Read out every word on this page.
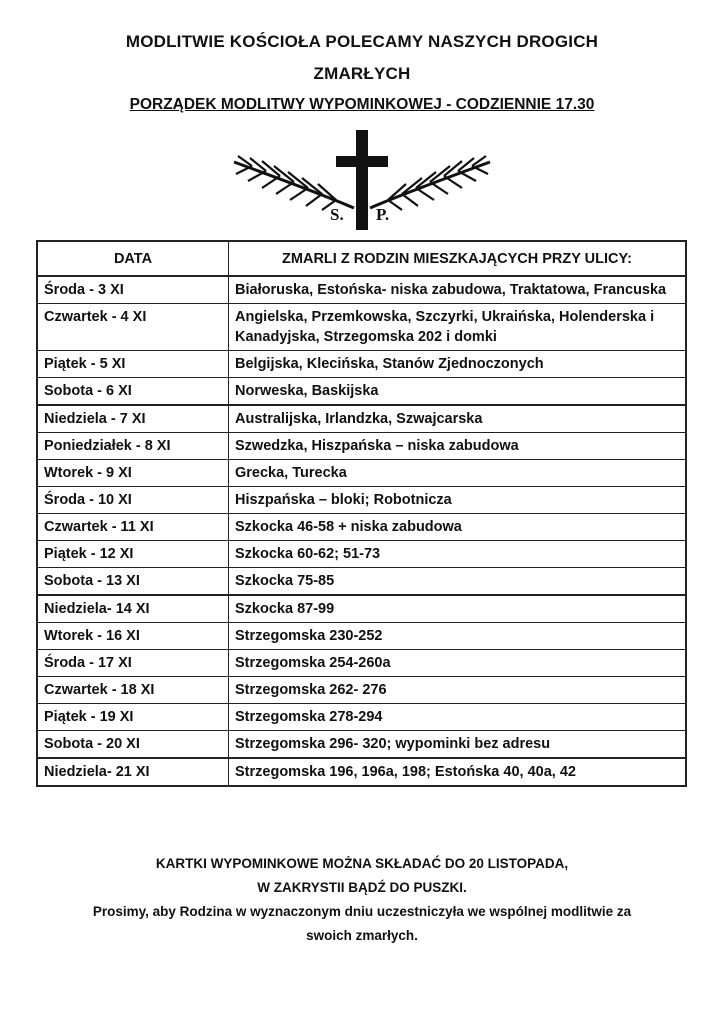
MODLITWIE KOŚCIOŁA POLECAMY NASZYCH DROGICH
ZMARŁYCH
PORZĄDEK MODLITWY WYPOMINKOWEJ - CODZIENNIE 17.30
S. P.
DATA	ZMARLI Z RODZIN MIESZKAJĄCYCH PRZY ULICY:
Środa - 3 XI	Białoruska, Estońska- niska zabudowa, Traktatowa, Francuska
Czwartek - 4 XI	Angielska, Przemkowska, Szczyrki, Ukraińska, Holenderska i Kanadyjska, Strzegomska 202 i domki
Piątek - 5 XI	Belgijska, Klecińska, Stanów Zjednoczonych
Sobota - 6 XI	Norweska, Baskijska
Niedziela - 7 XI	Australijska, Irlandzka, Szwajcarska
Poniedziałek - 8 XI	Szwedzka, Hiszpańska – niska zabudowa
Wtorek - 9 XI	Grecka, Turecka
Środa - 10 XI	Hiszpańska – bloki; Robotnicza
Czwartek - 11 XI	Szkocka 46-58 + niska zabudowa
Piątek - 12 XI	Szkocka 60-62; 51-73
Sobota - 13 XI	Szkocka 75-85
Niedziela- 14 XI	Szkocka 87-99
Wtorek - 16 XI	Strzegomska 230-252
Środa - 17 XI	Strzegomska 254-260a
Czwartek - 18 XI	Strzegomska 262- 276
Piątek - 19 XI	Strzegomska 278-294
Sobota - 20 XI	Strzegomska 296- 320; wypominki bez adresu
Niedziela- 21 XI	Strzegomska 196, 196a, 198; Estońska 40, 40a, 42
KARTKI WYPOMINKOWE MOŻNA SKŁADAĆ DO 20 LISTOPADA,
W ZAKRYSTII BĄDŹ DO PUSZKI.
Prosimy, aby Rodzina w wyznaczonym dniu uczestniczyła we wspólnej modlitwie za
swoich zmarłych.
